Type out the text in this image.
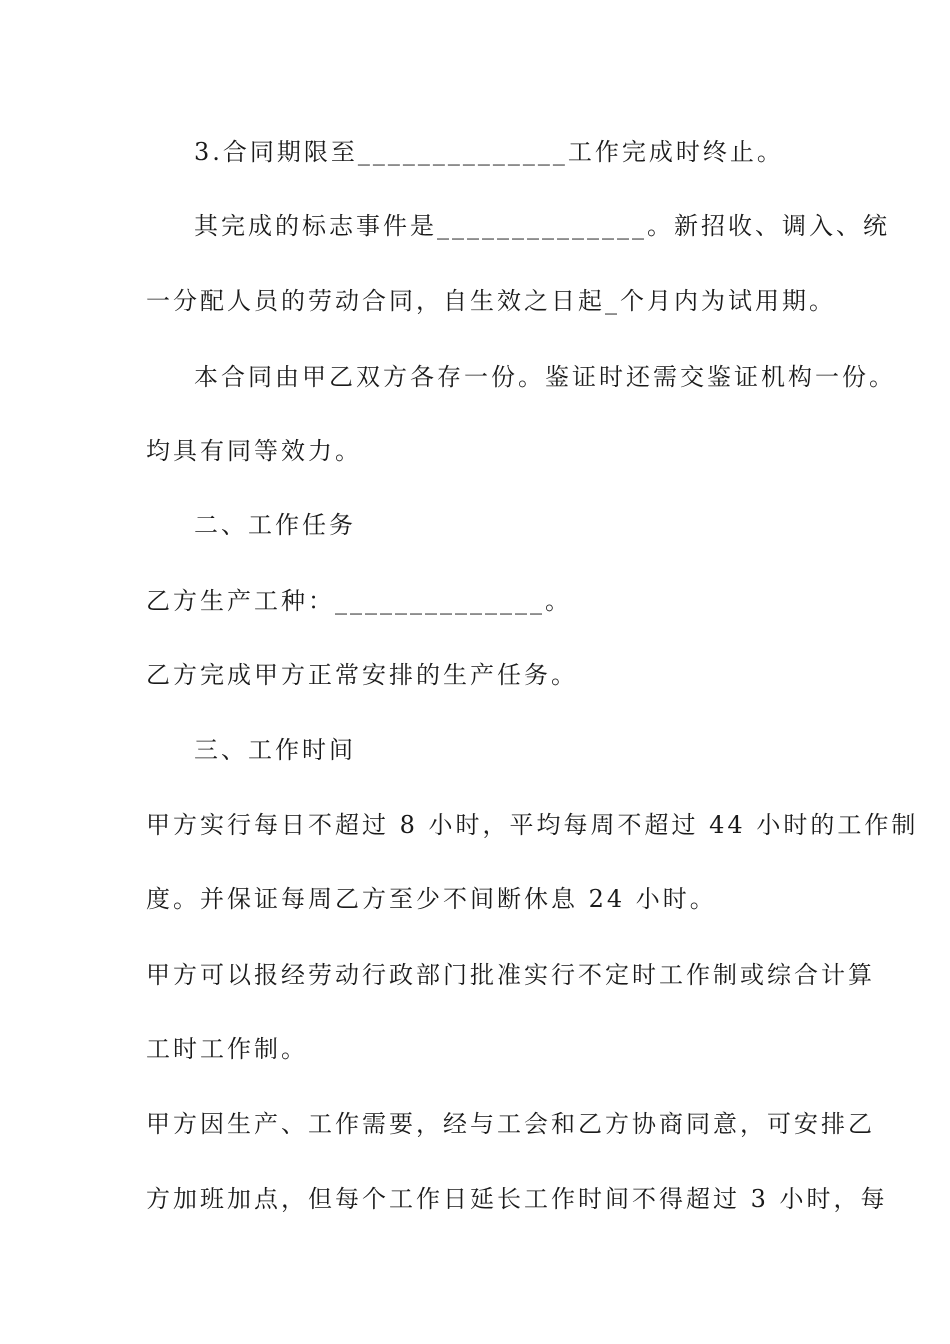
3.合同期限至______________工作完成时终止。
其完成的标志事件是______________。新招收、调入、统
一分配人员的劳动合同，自生效之日起_个月内为试用期。
本合同由甲乙双方各存一份。鉴证时还需交鉴证机构一份。
均具有同等效力。
二、工作任务
乙方生产工种：______________。
乙方完成甲方正常安排的生产任务。
三、工作时间
甲方实行每日不超过 8 小时，平均每周不超过 44 小时的工作制
度。并保证每周乙方至少不间断休息 24 小时。
甲方可以报经劳动行政部门批准实行不定时工作制或综合计算
工时工作制。
甲方因生产、工作需要，经与工会和乙方协商同意，可安排乙
方加班加点，但每个工作日延长工作时间不得超过 3 小时，每
